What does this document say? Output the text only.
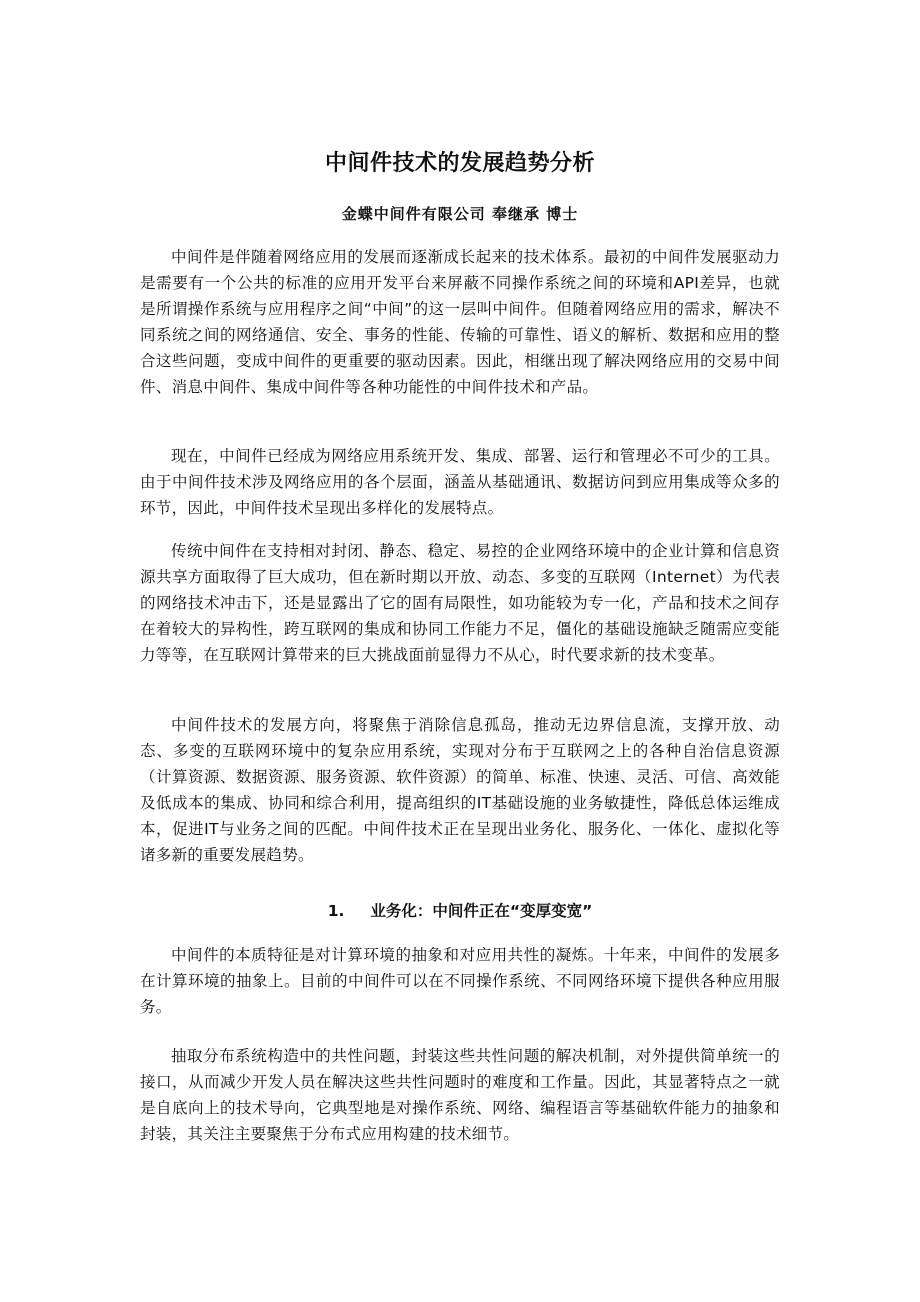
中间件技术的发展趋势分析
金蝶中间件有限公司 奉继承 博士

中间件是伴随着网络应用的发展而逐渐成长起来的技术体系。最初的中间件发展驱动力是需要有一个公共的标准的应用开发平台来屏蔽不同操作系统之间的环境和API差异，也就是所谓操作系统与应用程序之间“中间”的这一层叫中间件。但随着网络应用的需求，解决不同系统之间的网络通信、安全、事务的性能、传输的可靠性、语义的解析、数据和应用的整合这些问题，变成中间件的更重要的驱动因素。因此，相继出现了解决网络应用的交易中间件、消息中间件、集成中间件等各种功能性的中间件技术和产品。

现在，中间件已经成为网络应用系统开发、集成、部署、运行和管理必不可少的工具。由于中间件技术涉及网络应用的各个层面，涵盖从基础通讯、数据访问到应用集成等众多的环节，因此，中间件技术呈现出多样化的发展特点。

传统中间件在支持相对封闭、静态、稳定、易控的企业网络环境中的企业计算和信息资源共享方面取得了巨大成功，但在新时期以开放、动态、多变的互联网（Internet）为代表的网络技术冲击下，还是显露出了它的固有局限性，如功能较为专一化，产品和技术之间存在着较大的异构性，跨互联网的集成和协同工作能力不足，僵化的基础设施缺乏随需应变能力等等，在互联网计算带来的巨大挑战面前显得力不从心，时代要求新的技术变革。

中间件技术的发展方向，将聚焦于消除信息孤岛，推动无边界信息流，支撑开放、动态、多变的互联网环境中的复杂应用系统，实现对分布于互联网之上的各种自治信息资源（计算资源、数据资源、服务资源、软件资源）的简单、标准、快速、灵活、可信、高效能及低成本的集成、协同和综合利用，提高组织的IT基础设施的业务敏捷性，降低总体运维成本，促进IT与业务之间的匹配。中间件技术正在呈现出业务化、服务化、一体化、虚拟化等诸多新的重要发展趋势。

1. 业务化：中间件正在“变厚变宽”

中间件的本质特征是对计算环境的抽象和对应用共性的凝炼。十年来，中间件的发展多在计算环境的抽象上。目前的中间件可以在不同操作系统、不同网络环境下提供各种应用服务。

抽取分布系统构造中的共性问题，封装这些共性问题的解决机制，对外提供简单统一的接口，从而减少开发人员在解决这些共性问题时的难度和工作量。因此，其显著特点之一就是自底向上的技术导向，它典型地是对操作系统、网络、编程语言等基础软件能力的抽象和封装，其关注主要聚焦于分布式应用构建的技术细节。
